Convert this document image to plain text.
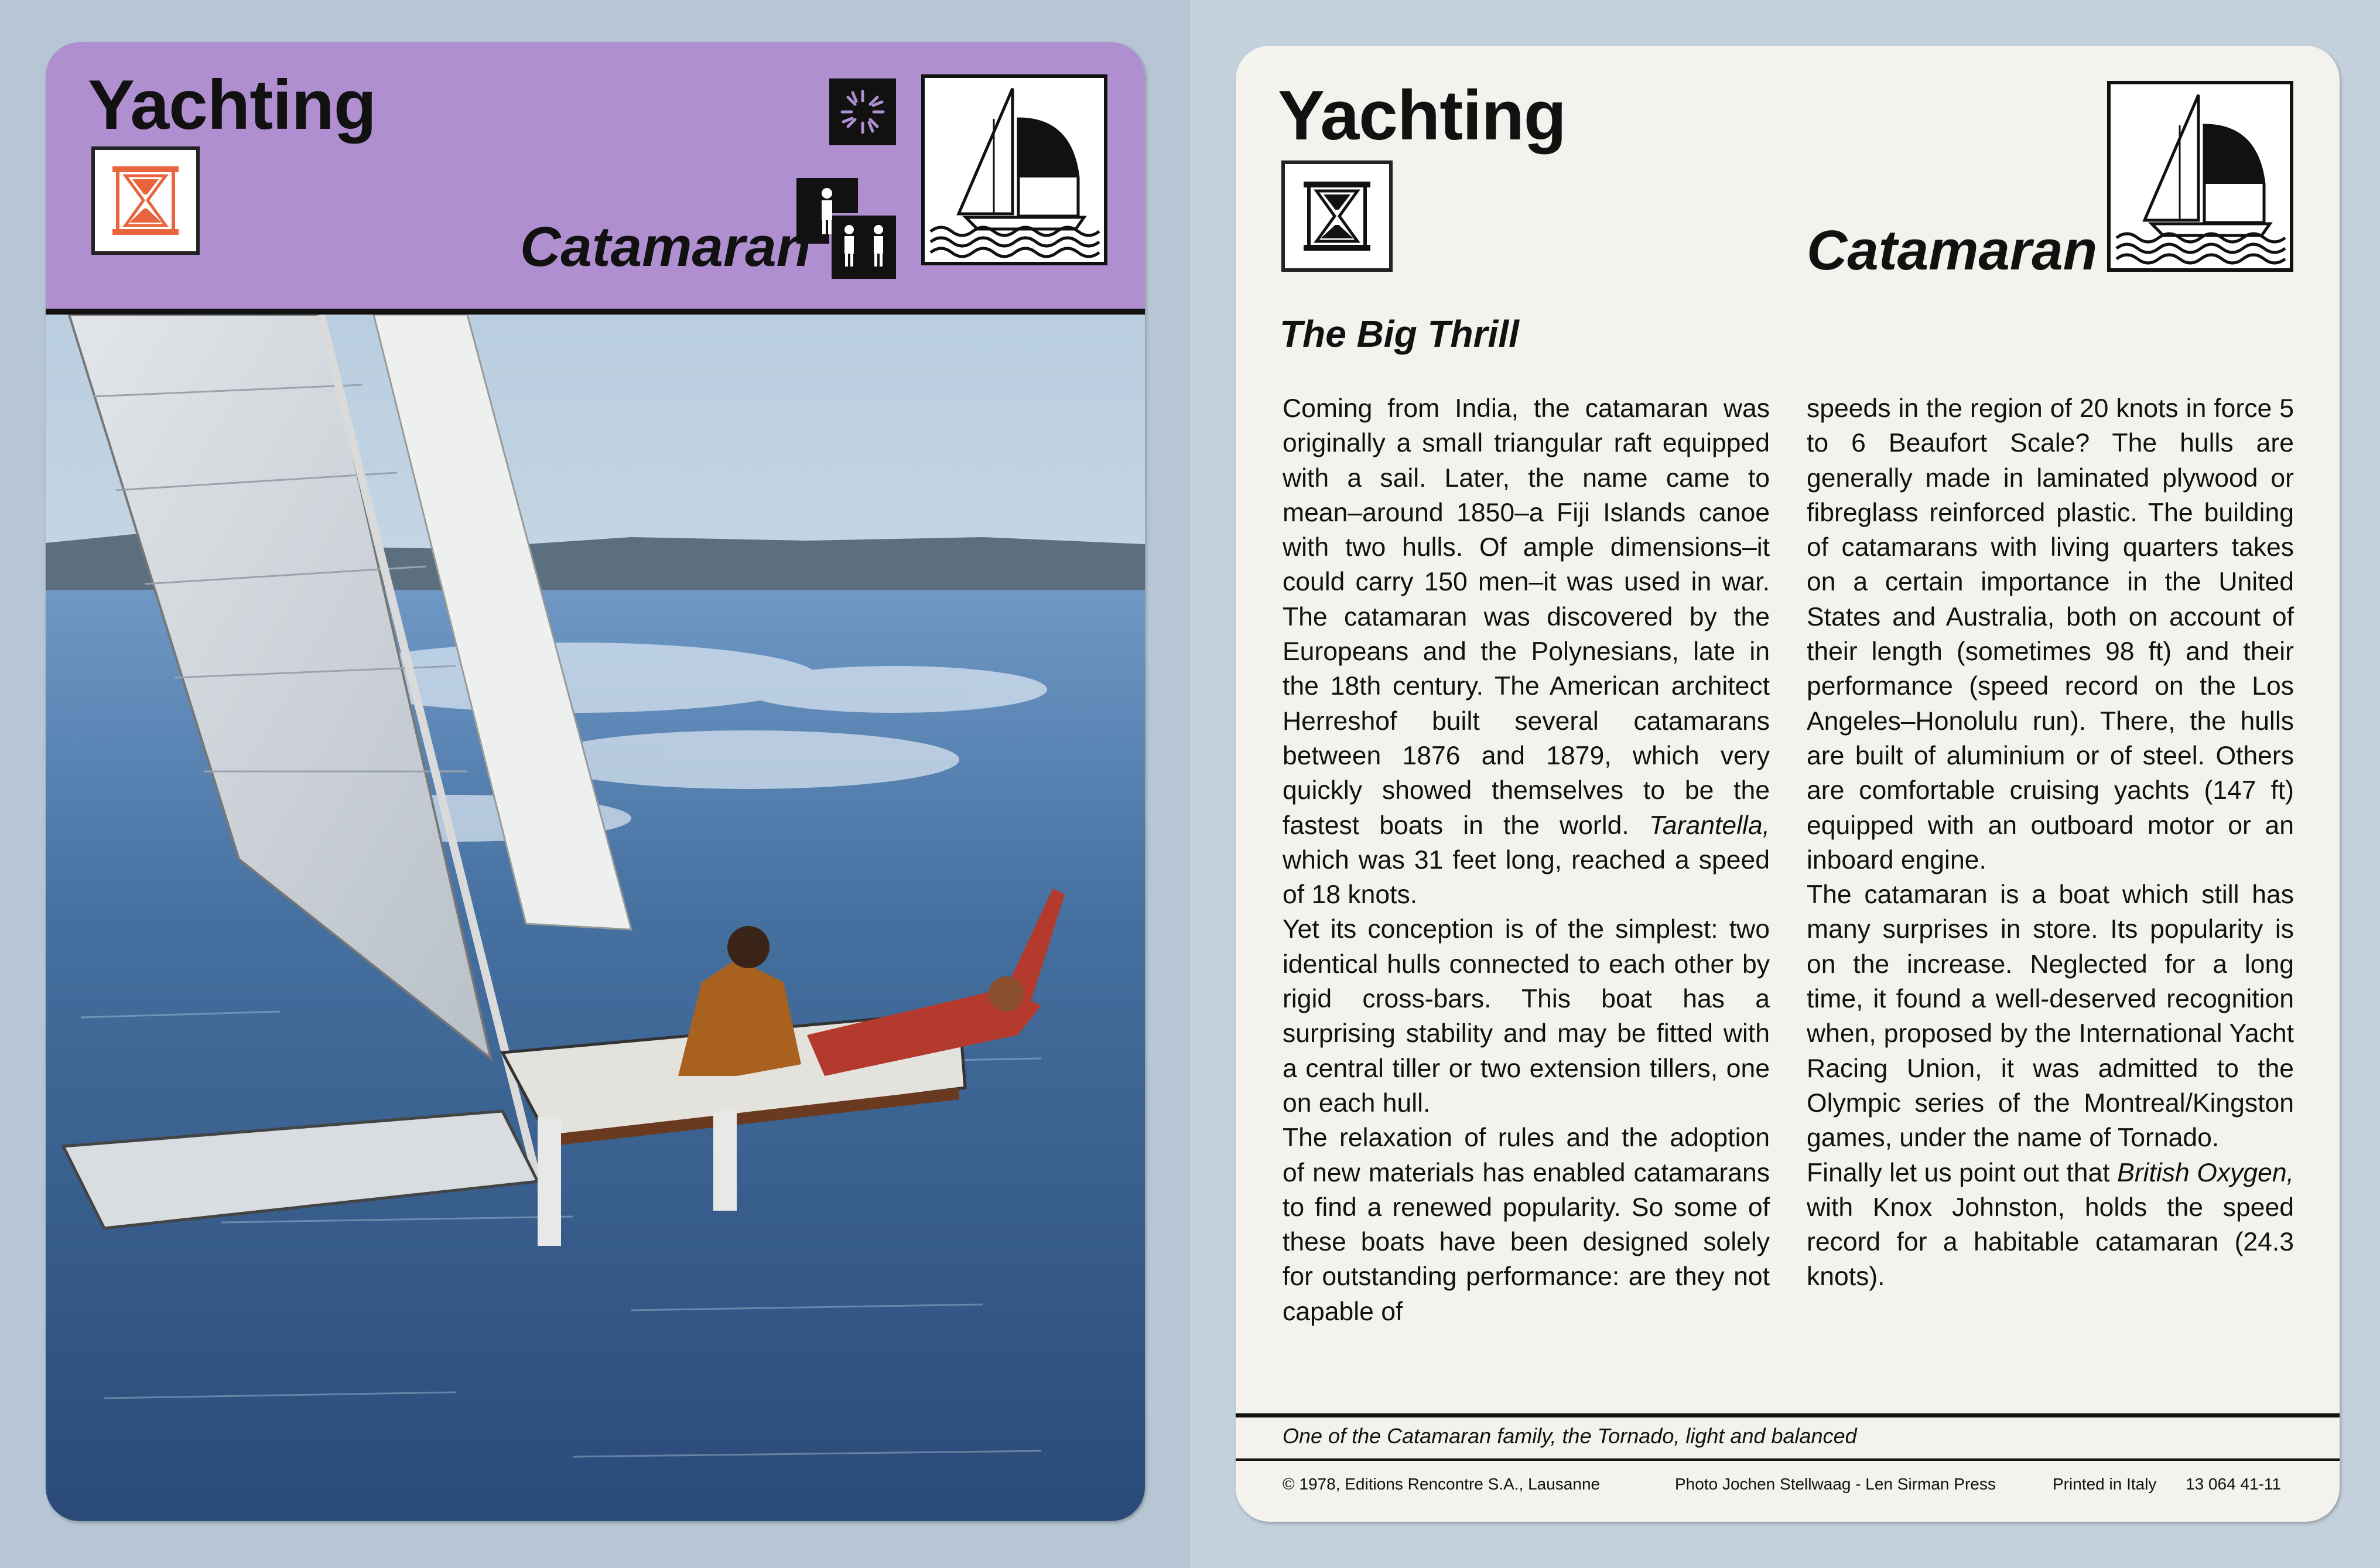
Yachting
Catamaran
Yachting
Catamaran
The Big Thrill

Coming from India, the catamaran was originally a small triangular raft equipped with a sail. Later, the name came to mean–around 1850–a Fiji Islands canoe with two hulls. Of ample dimensions–it could carry 150 men–it was used in war. The catamaran was discovered by the Europeans and the Polynesians, late in the 18th century. The American architect Herreshof built several catamarans between 1876 and 1879, which very quickly showed themselves to be the fastest boats in the world. Tarantella, which was 31 feet long, reached a speed of 18 knots.

Yet its conception is of the simplest: two identical hulls connected to each other by rigid cross-bars. This boat has a surprising stability and may be fitted with a central tiller or two extension tillers, one on each hull.

The relaxation of rules and the adoption of new materials has enabled catamarans to find a renewed popularity. So some of these boats have been designed solely for outstanding performance: are they not capable of

speeds in the region of 20 knots in force 5 to 6 Beaufort Scale? The hulls are generally made in laminated plywood or fibreglass reinforced plastic. The building of catamarans with living quarters takes on a certain importance in the United States and Australia, both on account of their length (sometimes 98 ft) and their performance (speed record on the Los Angeles–Honolulu run). There, the hulls are built of aluminium or of steel. Others are comfortable cruising yachts (147 ft) equipped with an outboard motor or an inboard engine.

The catamaran is a boat which still has many surprises in store. Its popularity is on the increase. Neglected for a long time, it found a well-deserved recognition when, proposed by the International Yacht Racing Union, it was admitted to the Olympic series of the Montreal/Kingston games, under the name of Tornado.

Finally let us point out that British Oxygen, with Knox Johnston, holds the speed record for a habitable catamaran (24.3 knots).

One of the Catamaran family, the Tornado, light and balanced

© 1978, Editions Rencontre S.A., Lausanne	Photo Jochen Stellwaag - Len Sirman Press	Printed in Italy 13 064 41-11
